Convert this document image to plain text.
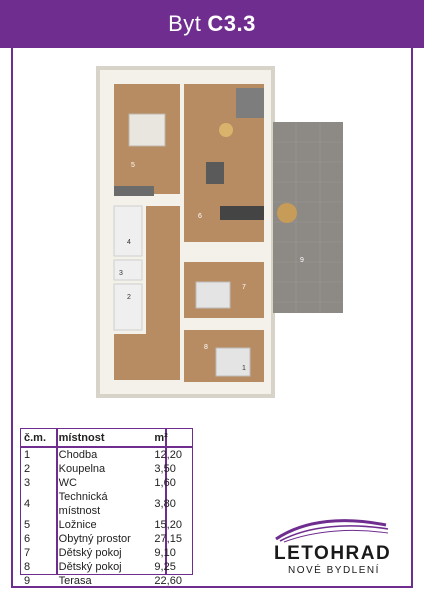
Byt C3.3
1
2
3
4
5
6
7
8
9
č.m.	místnost	m²
1	Chodba	12,20
2	Koupelna	3,50
3	WC	1,60
4	Technická místnost	3,80
5	Ložnice	15,20
6	Obytný prostor	27,15
7	Dětský pokoj	9,10
8	Dětský pokoj	9,25
9	Terasa	22,60
LETOHRAD
NOVÉ BYDLENÍ
